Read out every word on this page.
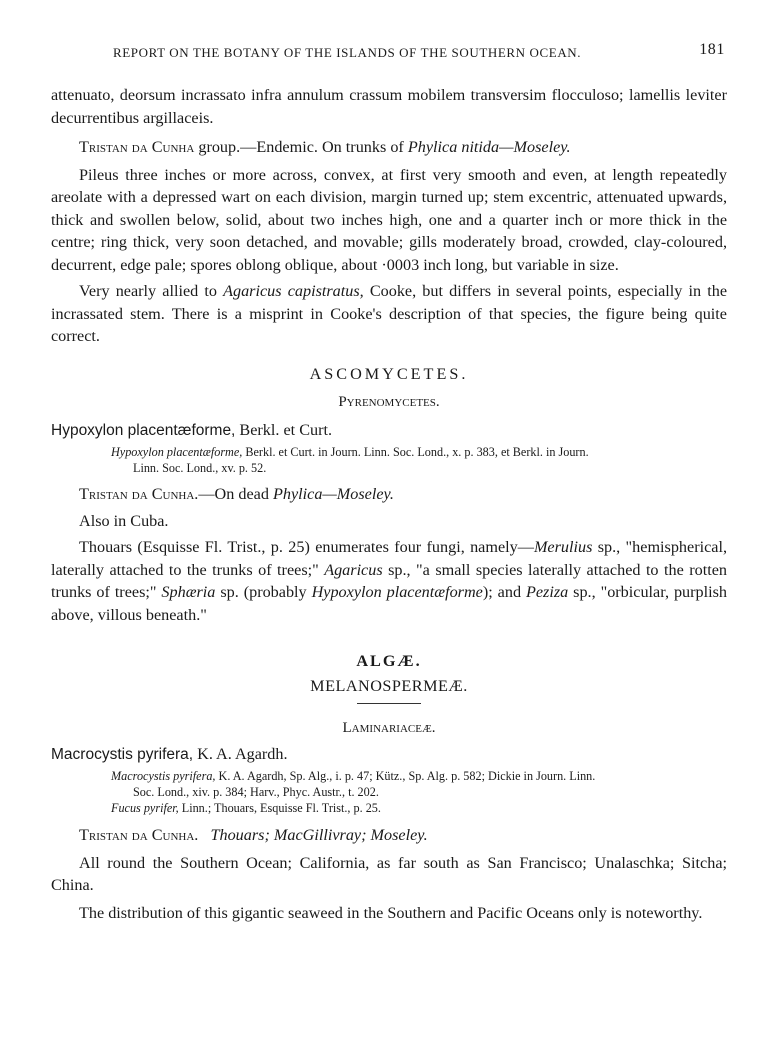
REPORT ON THE BOTANY OF THE ISLANDS OF THE SOUTHERN OCEAN.	181

attenuato, deorsum incrassato infra annulum crassum mobilem transversim flocculoso; lamellis leviter decurrentibus argillaceis.

Tristan da Cunha group.—Endemic. On trunks of Phylica nitida—Moseley.

Pileus three inches or more across, convex, at first very smooth and even, at length repeatedly areolate with a depressed wart on each division, margin turned up; stem excentric, attenuated upwards, thick and swollen below, solid, about two inches high, one and a quarter inch or more thick in the centre; ring thick, very soon detached, and movable; gills moderately broad, crowded, clay-coloured, decurrent, edge pale; spores oblong oblique, about ·0003 inch long, but variable in size.

Very nearly allied to Agaricus capistratus, Cooke, but differs in several points, especially in the incrassated stem. There is a misprint in Cooke's description of that species, the figure being quite correct.

ASCOMYCETES.

Pyrenomycetes.

Hypoxylon placentæforme, Berkl. et Curt.

Hypoxylon placentæforme, Berkl. et Curt. in Journ. Linn. Soc. Lond., x. p. 383, et Berkl. in Journ.
Linn. Soc. Lond., xv. p. 52.

Tristan da Cunha.—On dead Phylica—Moseley.

Also in Cuba.

Thouars (Esquisse Fl. Trist., p. 25) enumerates four fungi, namely—Merulius sp., "hemispherical, laterally attached to the trunks of trees;" Agaricus sp., "a small species laterally attached to the rotten trunks of trees;" Sphæria sp. (probably Hypoxylon placentæforme); and Peziza sp., "orbicular, purplish above, villous beneath."

ALGÆ.

MELANOSPERMEÆ.

Laminariaceæ.

Macrocystis pyrifera, K. A. Agardh.

Macrocystis pyrifera, K. A. Agardh, Sp. Alg., i. p. 47; Kütz., Sp. Alg. p. 582; Dickie in Journ. Linn.
Soc. Lond., xiv. p. 384; Harv., Phyc. Austr., t. 202.

Fucus pyrifer, Linn.; Thouars, Esquisse Fl. Trist., p. 25.

Tristan da Cunha. Thouars; MacGillivray; Moseley.

All round the Southern Ocean; California, as far south as San Francisco; Unalaschka; Sitcha; China.

The distribution of this gigantic seaweed in the Southern and Pacific Oceans only is noteworthy.
